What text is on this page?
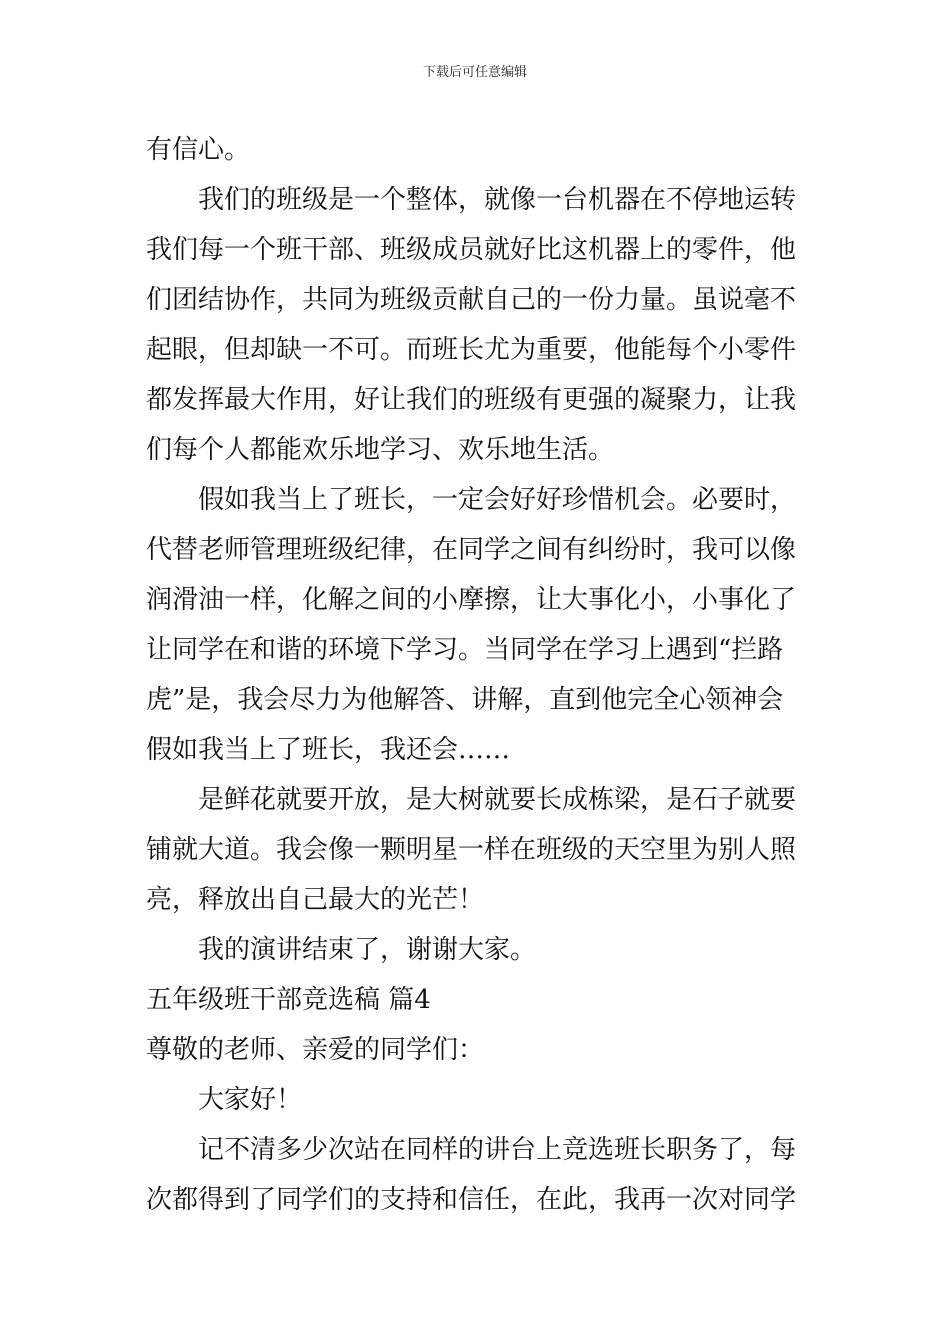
下载后可任意编辑
有信心。
我们的班级是一个整体，就像一台机器在不停地运转
我们每一个班干部、班级成员就好比这机器上的零件，他
们团结协作，共同为班级贡献自己的一份力量。虽说毫不
起眼，但却缺一不可。而班长尤为重要，他能每个小零件
都发挥最大作用，好让我们的班级有更强的凝聚力，让我
们每个人都能欢乐地学习、欢乐地生活。
假如我当上了班长，一定会好好珍惜机会。必要时，
代替老师管理班级纪律，在同学之间有纠纷时，我可以像
润滑油一样，化解之间的小摩擦，让大事化小，小事化了
让同学在和谐的环境下学习。当同学在学习上遇到“拦路
虎”是，我会尽力为他解答、讲解，直到他完全心领神会
假如我当上了班长，我还会……
是鲜花就要开放，是大树就要长成栋梁，是石子就要
铺就大道。我会像一颗明星一样在班级的天空里为别人照
亮，释放出自己最大的光芒！
我的演讲结束了，谢谢大家。
五年级班干部竞选稿 篇4
尊敬的老师、亲爱的同学们：
大家好！
记不清多少次站在同样的讲台上竞选班长职务了，每
次都得到了同学们的支持和信任，在此，我再一次对同学
